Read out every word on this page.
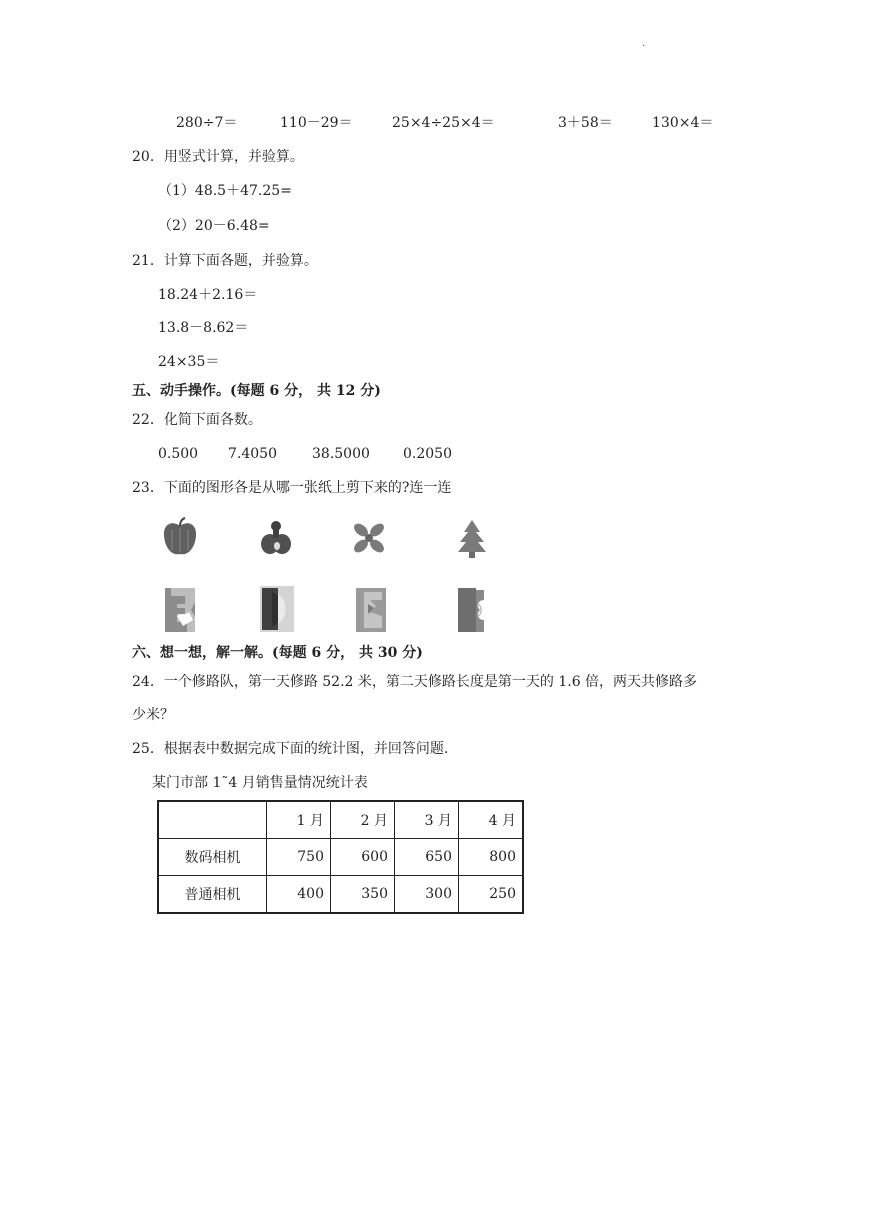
.
280÷7＝	110－29＝	25×4÷25×4＝	3＋58＝	130×4＝
20．用竖式计算，并验算。
（1）48.5＋47.25=
（2）20－6.48=
21．计算下面各题，并验算。
18.24＋2.16＝
13.8－8.62＝
24×35＝
五、动手操作。(每题 6 分， 共 12 分)
22．化简下面各数。
0.500 7.4050	38.5000 0.2050
23．下面的图形各是从哪一张纸上剪下来的?连一连
六、想一想，解一解。(每题 6 分， 共 30 分)
24．一个修路队，第一天修路 52.2 米，第二天修路长度是第一天的 1.6 倍，两天共修路多
少米？
25．根据表中数据完成下面的统计图，并回答问题.
某门市部 1˜4 月销售量情况统计表
	1 月	2 月	3 月	4 月
数码相机	750	600	650	800
普通相机	400	350	300	250
